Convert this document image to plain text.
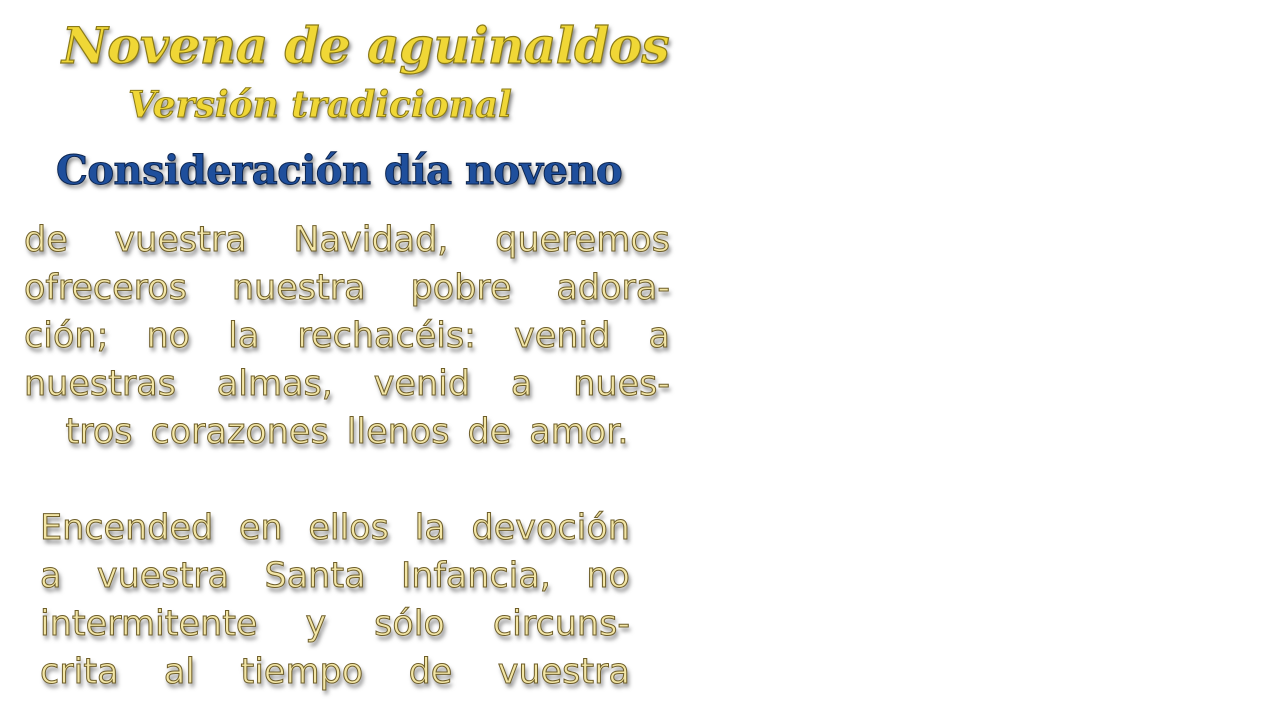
Novena de aguinaldos
Versión tradicional
Consideración día noveno
de vuestra Navidad, queremos
ofreceros nuestra pobre adora-
ción; no la rechacéis: venid a
nuestras almas, venid a nues-
tros corazones llenos de amor.
Encended en ellos la devoción
a vuestra Santa Infancia, no
intermitente y sólo circuns-
crita al tiempo de vuestra
